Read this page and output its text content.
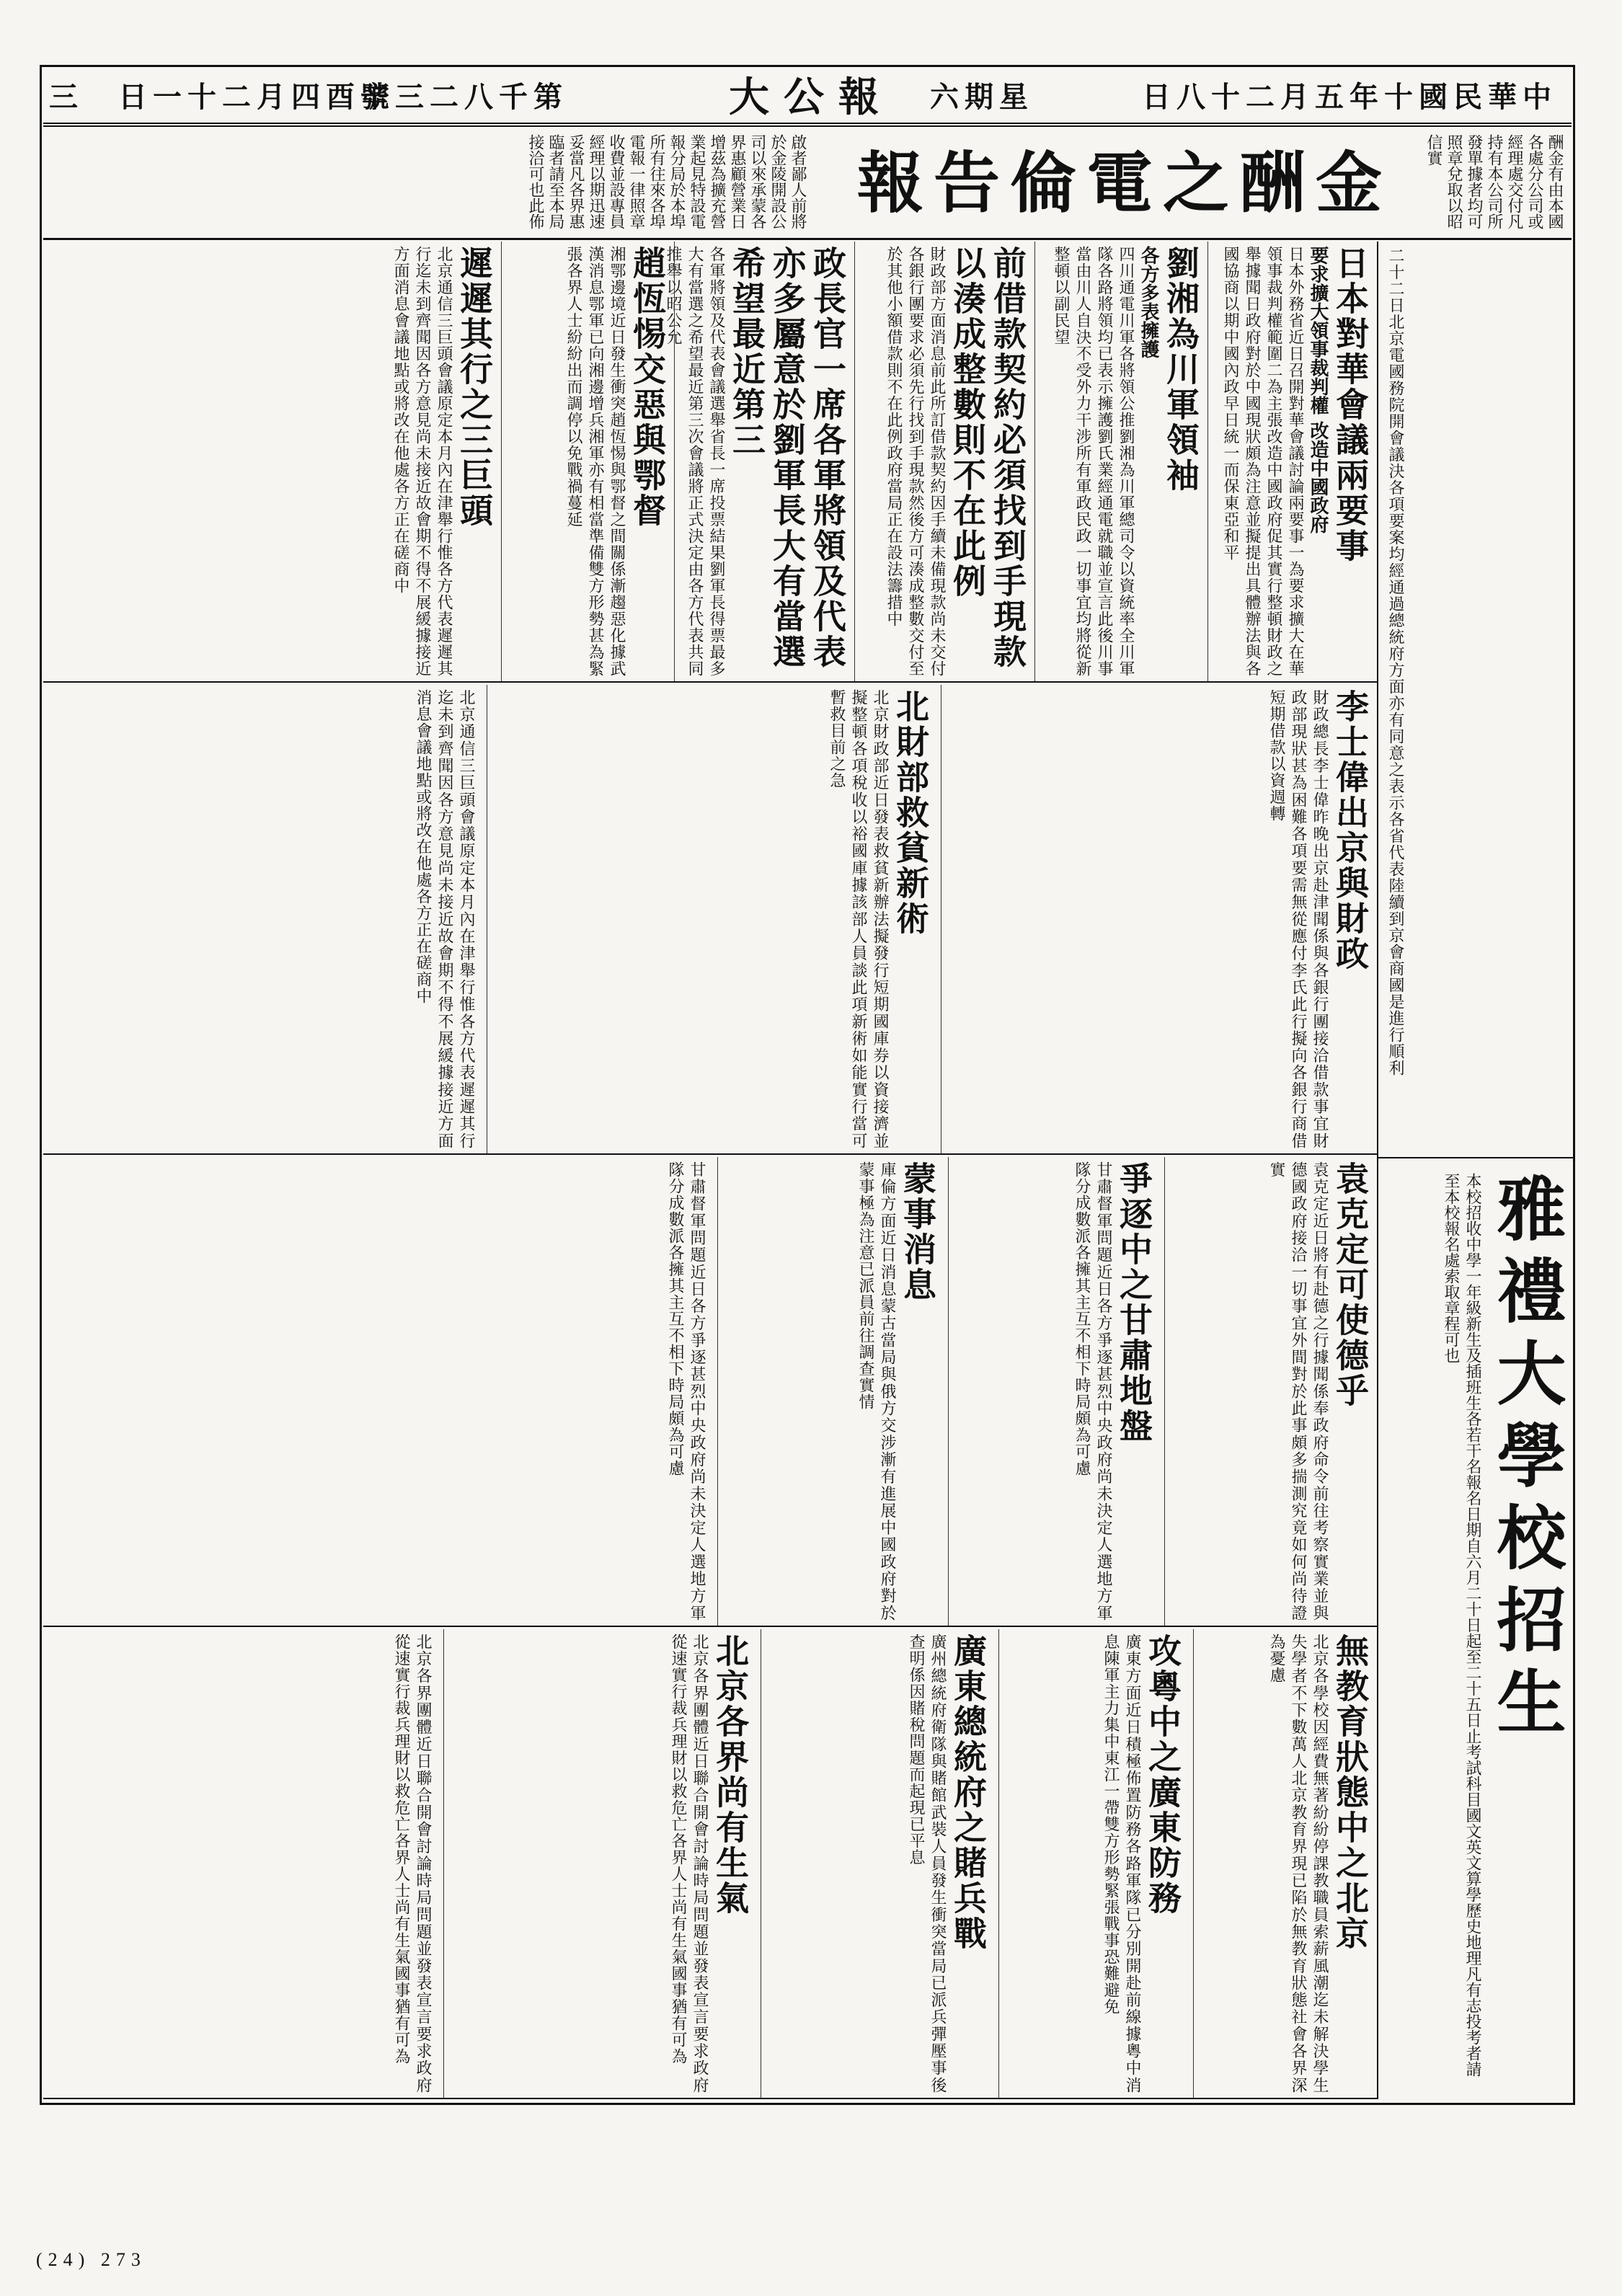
三　 日一十二月四酉辛
號三二八千第	大公報	六期星	日八十二月五年十國民華中
啟者鄙人前將於金陵開設公司以來承蒙各界惠顧營業日增茲為擴充營業起見特設電報分局於本埠所有往來各埠電報一律照章收費並設專員經理以期迅速妥當凡各界惠臨者請至本局接洽可也此佈	報告倫電之酬金	酬金有由本國各處分公司或經理處交付凡持有本公司所發單據者均可照章兌取以昭信實
日本對華會議兩要事
要求擴大領事裁判權 改造中國政府
日本外務省近日召開對華會議討論兩要事一為要求擴大在華領事裁判權範圍二為主張改造中國政府促其實行整頓財政之舉據聞日政府對於中國現狀頗為注意並擬提出具體辦法與各國協商以期中國內政早日統一而保東亞和平
劉湘為川軍領袖
各方多表擁護
四川通電川軍各將領公推劉湘為川軍總司令以資統率全川軍隊各路將領均已表示擁護劉氏業經通電就職並宣言此後川事當由川人自決不受外力干涉所有軍政民政一切事宜均將從新整頓以副民望
前借款契約必須找到手現款以湊成整數則不在此例
財政部方面消息前此所訂借款契約因手續未備現款尚未交付各銀行團要求必須先行找到手現款然後方可湊成整數交付至於其他小額借款則不在此例政府當局正在設法籌措中
政長官一席各軍將領及代表亦多屬意於劉軍長大有當選希望最近第三
各軍將領及代表會議選舉省長一席投票結果劉軍長得票最多大有當選之希望最近第三次會議將正式決定由各方代表共同推舉以昭公允
趙恆惕交惡與鄂督
湘鄂邊境近日發生衝突趙恆惕與鄂督之間關係漸趨惡化據武漢消息鄂軍已向湘邊增兵湘軍亦有相當準備雙方形勢甚為緊張各界人士紛紛出而調停以免戰禍蔓延
遲遲其行之三巨頭
北京通信三巨頭會議原定本月內在津舉行惟各方代表遲遲其行迄未到齊聞因各方意見尚未接近故會期不得不展緩據接近方面消息會議地點或將改在他處各方正在磋商中
李士偉出京與財政
財政總長李士偉昨晚出京赴津聞係與各銀行團接洽借款事宜財政部現狀甚為困難各項要需無從應付李氏此行擬向各銀行商借短期借款以資週轉
北財部救貧新術
北京財政部近日發表救貧新辦法擬發行短期國庫券以資接濟並擬整頓各項稅收以裕國庫據該部人員談此項新術如能實行當可暫救目前之急
北京通信三巨頭會議原定本月內在津舉行惟各方代表遲遲其行迄未到齊聞因各方意見尚未接近故會期不得不展緩據接近方面消息會議地點或將改在他處各方正在磋商中
袁克定可使德乎
袁克定近日將有赴德之行據聞係奉政府命令前往考察實業並與德國政府接洽一切事宜外間對於此事頗多揣測究竟如何尚待證實
爭逐中之甘肅地盤
甘肅督軍問題近日各方爭逐甚烈中央政府尚未決定人選地方軍隊分成數派各擁其主互不相下時局頗為可慮
蒙事消息
庫倫方面近日消息蒙古當局與俄方交涉漸有進展中國政府對於蒙事極為注意已派員前往調查實情
甘肅督軍問題近日各方爭逐甚烈中央政府尚未決定人選地方軍隊分成數派各擁其主互不相下時局頗為可慮
無教育狀態中之北京
北京各學校因經費無著紛紛停課教職員索薪風潮迄未解決學生失學者不下數萬人北京教育界現已陷於無教育狀態社會各界深為憂慮
攻粵中之廣東防務
廣東方面近日積極佈置防務各路軍隊已分別開赴前線據粵中消息陳軍主力集中東江一帶雙方形勢緊張戰事恐難避免
廣東總統府之賭兵戰
廣州總統府衛隊與賭館武裝人員發生衝突當局已派兵彈壓事後查明係因賭稅問題而起現已平息
北京各界尚有生氣
北京各界團體近日聯合開會討論時局問題並發表宣言要求政府從速實行裁兵理財以救危亡各界人士尚有生氣國事猶有可為
北京各界團體近日聯合開會討論時局問題並發表宣言要求政府從速實行裁兵理財以救危亡各界人士尚有生氣國事猶有可為
二十二日北京電國務院開會議決各項要案均經通過總統府方面亦有同意之表示各省代表陸續到京會商國是進行順利
雅禮大學校招生
本校招收中學一年級新生及插班生各若干名報名日期自六月二十日起至二十五日止考試科目國文英文算學歷史地理凡有志投考者請至本校報名處索取章程可也
(24) 273
